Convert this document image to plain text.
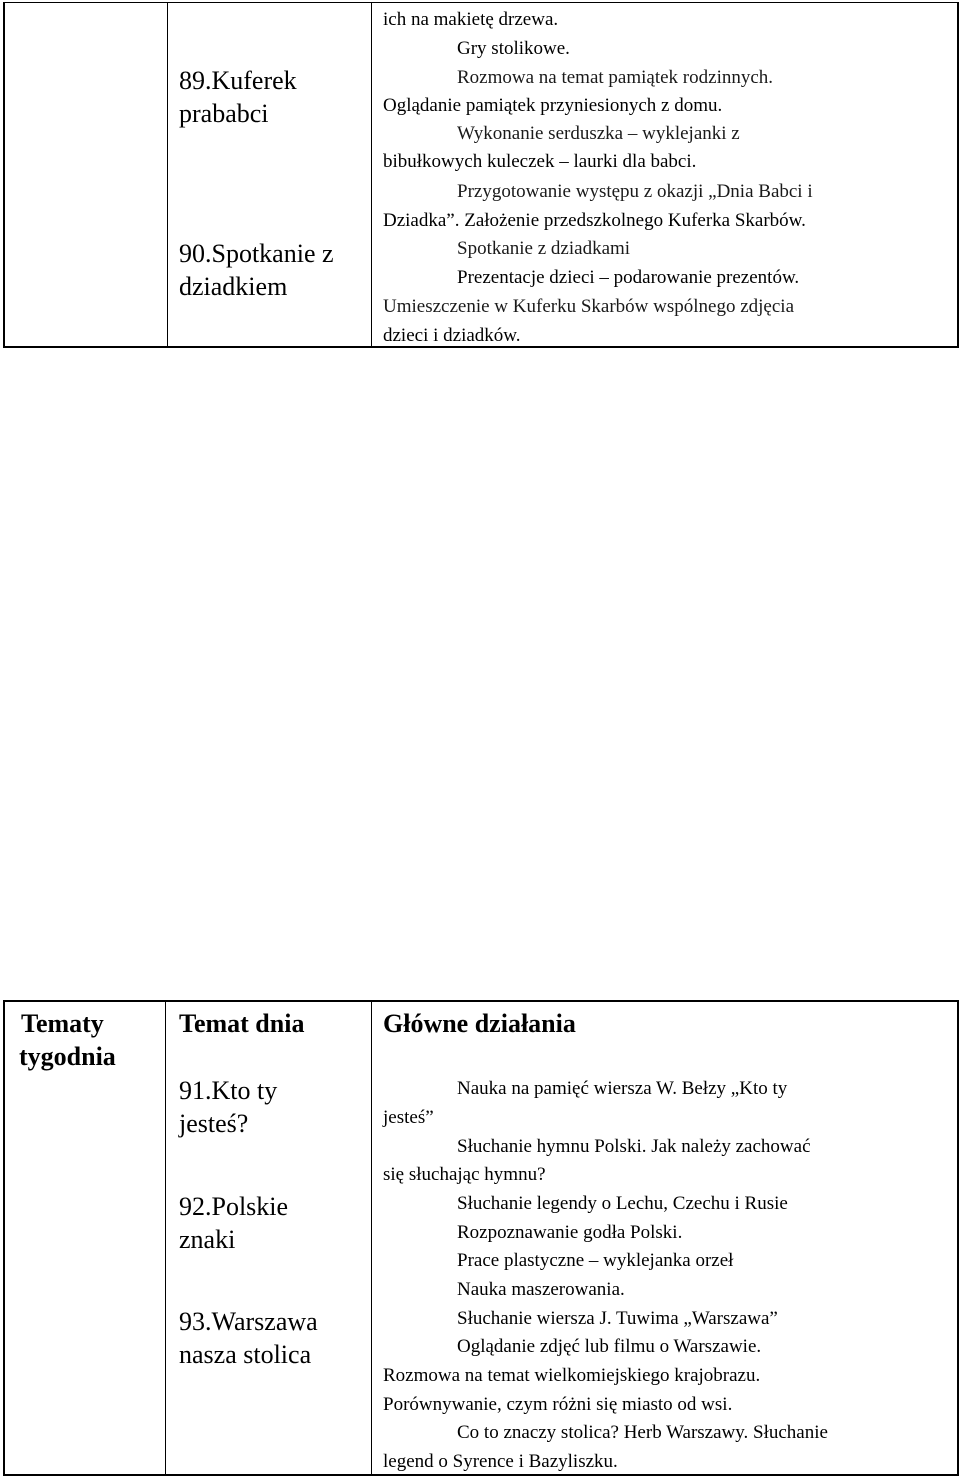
89.Kuferek
prababci
90.Spotkanie z
dziadkiem
ich na makietę drzewa.
Gry stolikowe.
Rozmowa na temat pamiątek rodzinnych.
Oglądanie pamiątek przyniesionych z domu.
Wykonanie serduszka – wyklejanki z
bibułkowych kuleczek – laurki dla babci.
Przygotowanie występu z okazji „Dnia Babci i
Dziadka”. Założenie przedszkolnego Kuferka Skarbów.
Spotkanie z dziadkami
Prezentacje dzieci – podarowanie prezentów.
Umieszczenie w Kuferku Skarbów wspólnego zdjęcia
dzieci i dziadków.
Tematy
tygodnia
Temat dnia	Główne działania
91.Kto ty
jesteś?
92.Polskie
znaki
93.Warszawa
nasza stolica
Nauka na pamięć wiersza W. Bełzy „Kto ty
jesteś”
Słuchanie hymnu Polski. Jak należy zachować
się słuchając hymnu?
Słuchanie legendy o Lechu, Czechu i Rusie
Rozpoznawanie godła Polski.
Prace plastyczne – wyklejanka orzeł
Nauka maszerowania.
Słuchanie wiersza J. Tuwima „Warszawa”
Oglądanie zdjęć lub filmu o Warszawie.
Rozmowa na temat wielkomiejskiego krajobrazu.
Porównywanie, czym różni się miasto od wsi.
Co to znaczy stolica? Herb Warszawy. Słuchanie
legend o Syrence i Bazyliszku.
